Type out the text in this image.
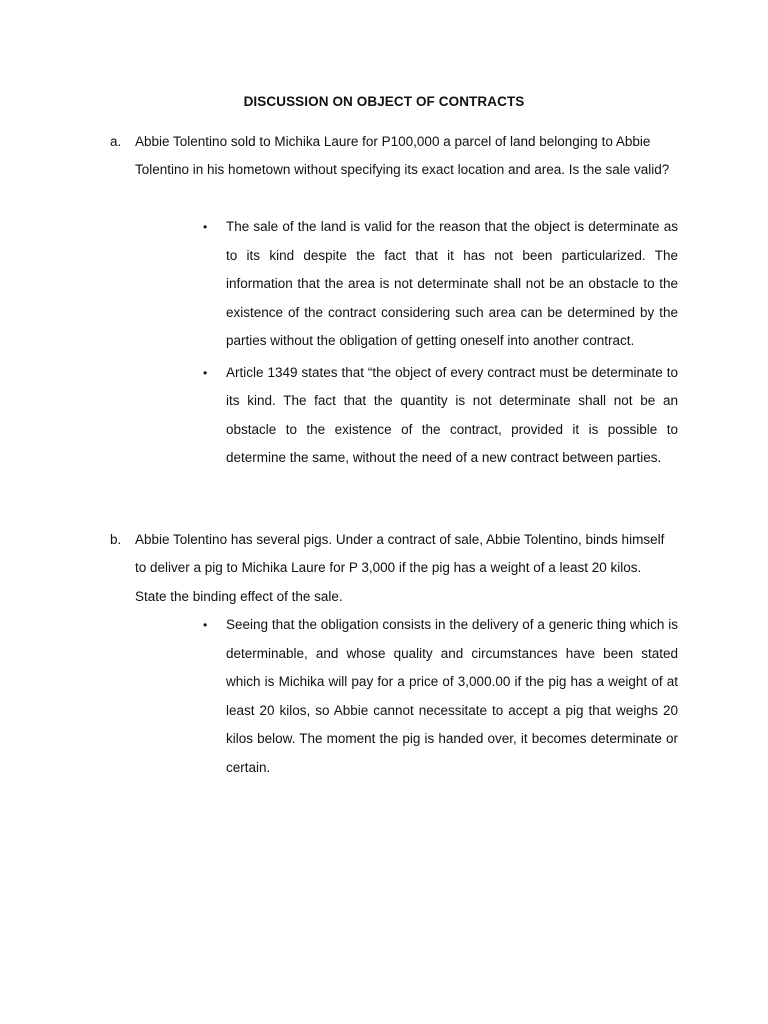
DISCUSSION ON OBJECT OF CONTRACTS
a.	Abbie Tolentino sold to Michika Laure for P100,000 a parcel of land belonging to Abbie Tolentino in his hometown without specifying its exact location and area. Is the sale valid?
• The sale of the land is valid for the reason that the object is determinate as to its kind despite the fact that it has not been particularized. The information that the area is not determinate shall not be an obstacle to the existence of the contract considering such area can be determined by the parties without the obligation of getting oneself into another contract.
• Article 1349 states that “the object of every contract must be determinate to its kind. The fact that the quantity is not determinate shall not be an obstacle to the existence of the contract, provided it is possible to determine the same, without the need of a new contract between parties.
b.	Abbie Tolentino has several pigs. Under a contract of sale, Abbie Tolentino, binds himself to deliver a pig to Michika Laure for P 3,000 if the pig has a weight of a least 20 kilos. State the binding effect of the sale.
• Seeing that the obligation consists in the delivery of a generic thing which is determinable, and whose quality and circumstances have been stated which is Michika will pay for a price of 3,000.00 if the pig has a weight of at least 20 kilos, so Abbie cannot necessitate to accept a pig that weighs 20 kilos below. The moment the pig is handed over, it becomes determinate or certain.
